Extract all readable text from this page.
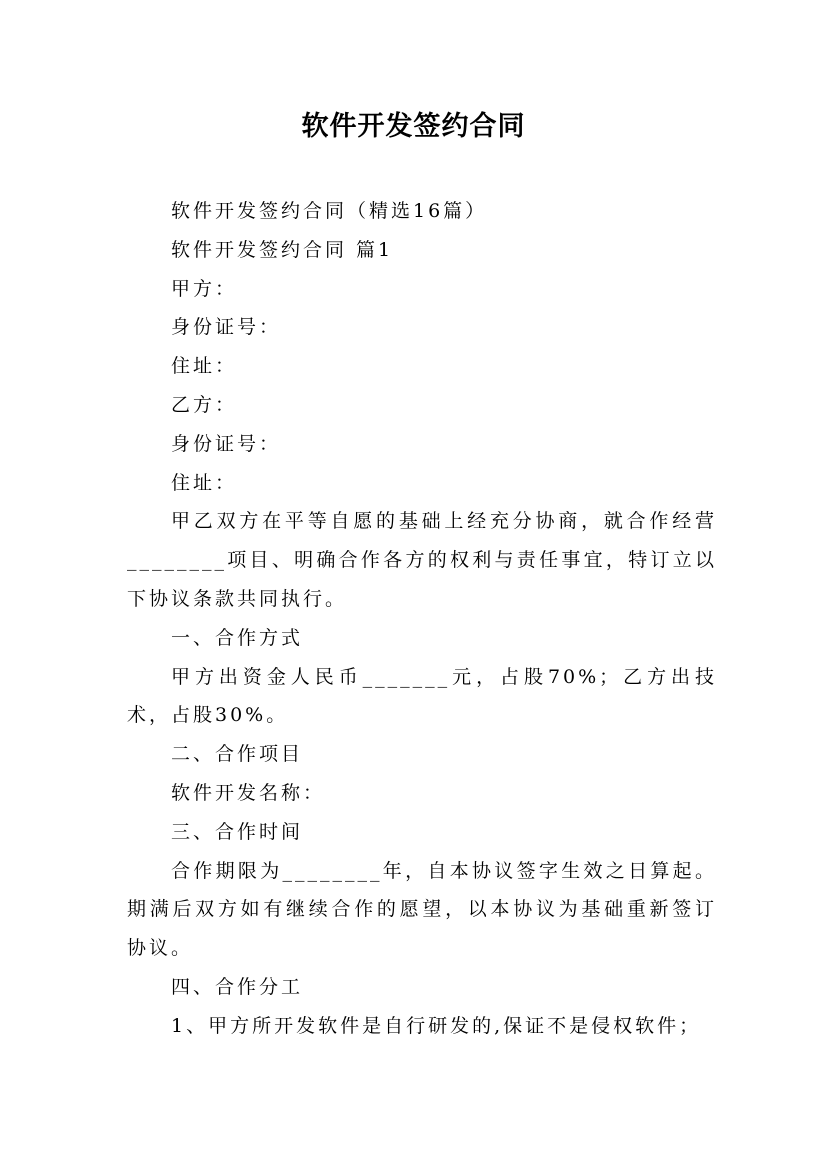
软件开发签约合同

软件开发签约合同（精选16篇）

软件开发签约合同 篇1

甲方：

身份证号：

住址：

乙方：

身份证号：

住址：

甲乙双方在平等自愿的基础上经充分协商，就合作经营________项目、明确合作各方的权利与责任事宜，特订立以下协议条款共同执行。

一、合作方式

甲方出资金人民币_______元，占股70%；乙方出技术，占股30%。

二、合作项目

软件开发名称：

三、合作时间

合作期限为________年，自本协议签字生效之日算起。期满后双方如有继续合作的愿望，以本协议为基础重新签订协议。

四、合作分工

1、甲方所开发软件是自行研发的,保证不是侵权软件；
